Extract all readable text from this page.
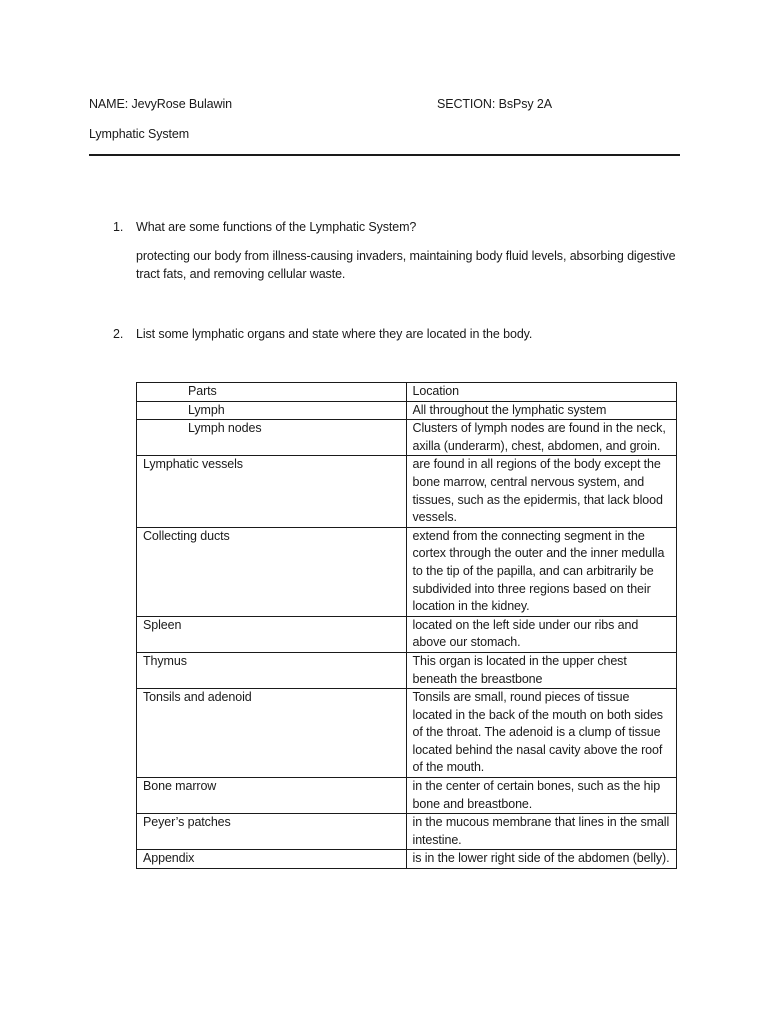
NAME: JevyRose Bulawin	SECTION: BsPsy 2A
Lymphatic System
1. What are some functions of the Lymphatic System?
protecting our body from illness-causing invaders, maintaining body fluid levels, absorbing digestive tract fats, and removing cellular waste.
2. List some lymphatic organs and state where they are located in the body.
Parts	Location
Lymph	All throughout the lymphatic system
Lymph nodes	Clusters of lymph nodes are found in the neck, axilla (underarm), chest, abdomen, and groin.
Lymphatic vessels	are found in all regions of the body except the bone marrow, central nervous system, and tissues, such as the epidermis, that lack blood vessels.
Collecting ducts	extend from the connecting segment in the cortex through the outer and the inner medulla to the tip of the papilla, and can arbitrarily be subdivided into three regions based on their location in the kidney.
Spleen	located on the left side under our ribs and above our stomach.
Thymus	This organ is located in the upper chest beneath the breastbone
Tonsils and adenoid	Tonsils are small, round pieces of tissue located in the back of the mouth on both sides of the throat. The adenoid is a clump of tissue located behind the nasal cavity above the roof of the mouth.
Bone marrow	in the center of certain bones, such as the hip bone and breastbone.
Peyer’s patches	in the mucous membrane that lines in the small intestine.
Appendix	is in the lower right side of the abdomen (belly).
